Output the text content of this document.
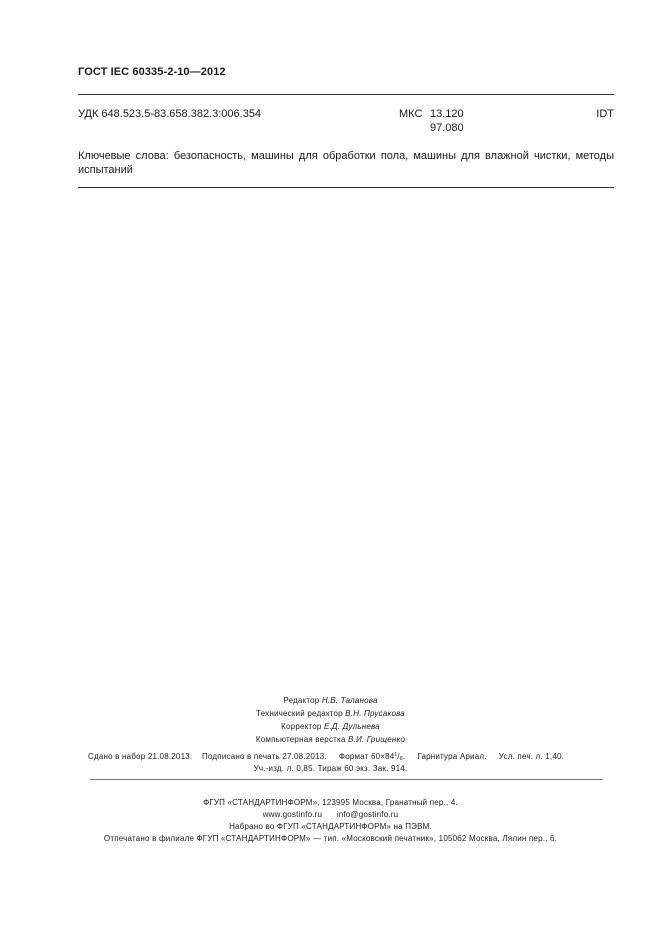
ГОСТ IEC 60335-2-10—2012
УДК 648.523.5-83.658.382.3:006.354	МКС 13.120
97.080
IDT
Ключевые слова: безопасность, машины для обработки пола, машины для влажной чистки, методы испытаний
Редактор Н.В. Таланова
Технический редактор В.Н. Прусакова
Корректор Е.Д. Дульнева
Компьютерная верстка В.И. Грищенко
Сдано в набор 21.08.2013. Подписано в печать 27.08.2013. Формат $60\times 84^1/_8$. Гарнитура Ариал. Усл. печ. л. 1,40.
Уч.-изд. л. 0,85. Тираж 60 экз. Зак. 914.
ФГУП «СТАНДАРТИНФОРМ», 123995 Москва, Гранатный пер., 4.
www.gostinfo.ru info@gostinfo.ru
Набрано во ФГУП «СТАНДАРТИНФОРМ» на ПЭВМ.
Отпечатано в филиале ФГУП «СТАНДАРТИНФОРМ» — тип. «Московский печатник», 105062 Москва, Лялин пер., 6.
